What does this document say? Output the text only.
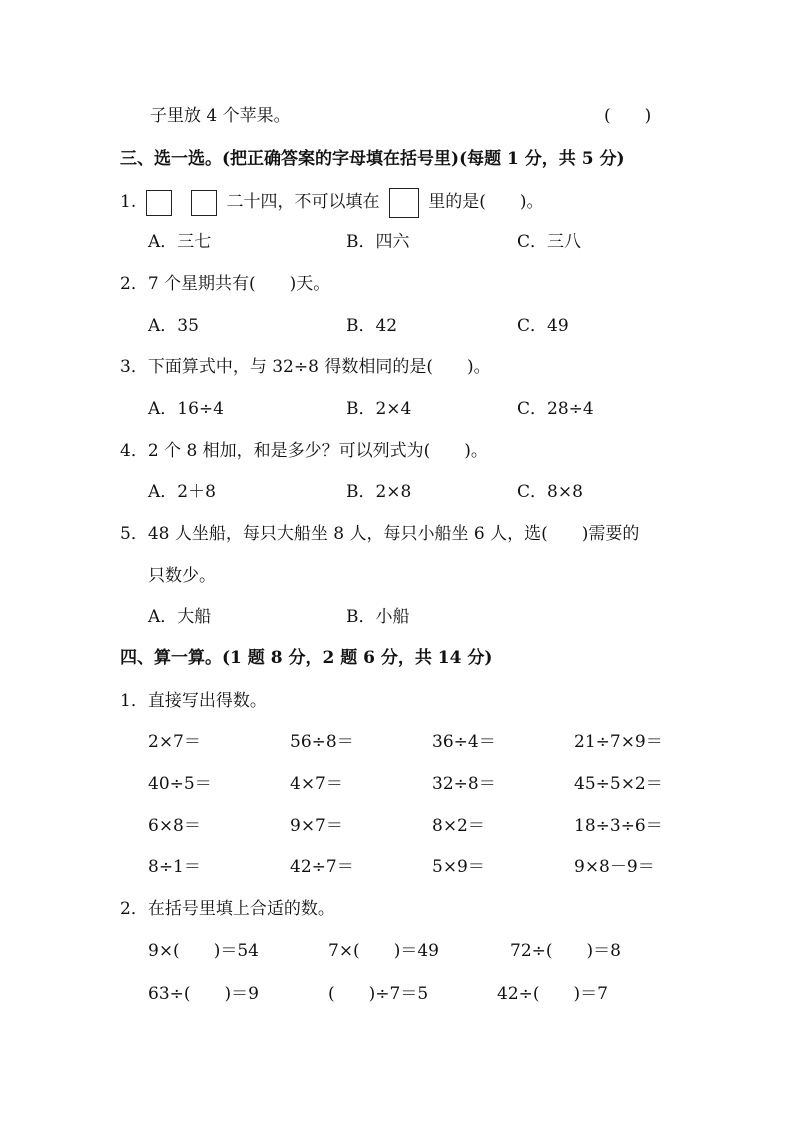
子里放 4 个苹果。	(　　)
三、选一选。(把正确答案的字母填在括号里)(每题 1 分，共 5 分)
1.	二十四，不可以填在	里的是(　　)。
A．三七	B．四六	C．三八
2．7 个星期共有(　　)天。
A．35	B．42	C．49
3．下面算式中，与 32÷8 得数相同的是(　　)。
A．16÷4	B．2×4	C．28÷4
4．2 个 8 相加，和是多少？可以列式为(　　)。
A．2＋8	B．2×8	C．8×8
5．48 人坐船，每只大船坐 8 人，每只小船坐 6 人，选(　　)需要的
只数少。
A．大船	B．小船
四、算一算。(1 题 8 分，2 题 6 分，共 14 分)
1．直接写出得数。
2×7＝	56÷8＝	36÷4＝	21÷7×9＝
40÷5＝	4×7＝	32÷8＝	45÷5×2＝
6×8＝	9×7＝	8×2＝	18÷3÷6＝
8÷1＝	42÷7＝	5×9＝	9×8－9＝
2．在括号里填上合适的数。
9×(　　)＝54	7×(　　)＝49	72÷(　　)＝8
63÷(　　)＝9	(　　)÷7＝5	42÷(　　)＝7
